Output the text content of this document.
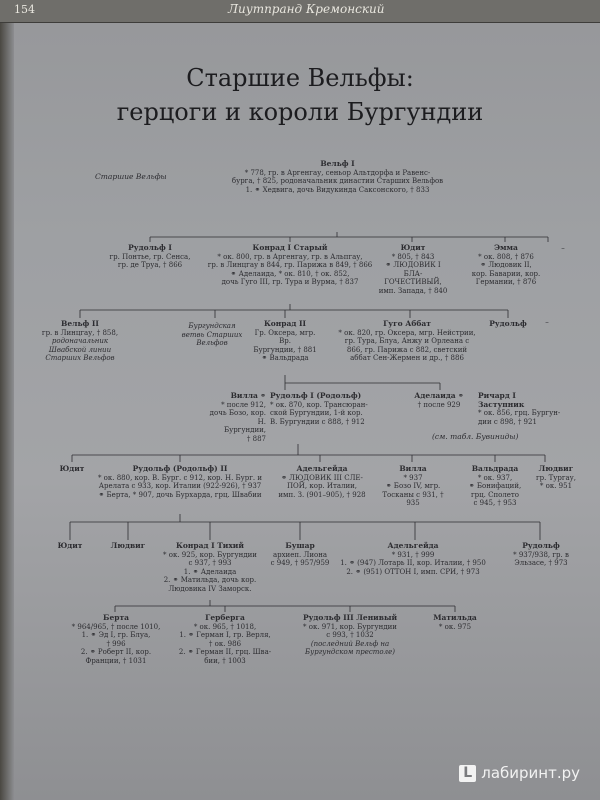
154	Лиутпранд Кремонский
Старшие Вельфы:
герцоги и короли Бургундии
Старшие Вельфы
Вельф I
* 778, гр. в Аргенгау, сеньор Альтдорфа и Равенс-
бурга, † 825, родоначальник династии Старших Вельфов
1. ⚭ Хедвига, дочь Видукинда Саксонского, † 833
Рудольф I
гр. Понтье, гр. Сенса,
гр. де Труа, † 866
Конрад I Старый
* ок. 800, гр. в Аргенгау, гр. в Альпгау,
гр. в Линцгау в 844, гр. Парижа в 849, † 866
⚭ Аделаида, * ок. 810, † ок. 852,
дочь Гуго III, гр. Тура и Вурма, † 837
Юдит
* 805, † 843
⚭ ЛЮДОВИК I БЛА-
ГОЧЕСТИВЫЙ,
имп. Запада, † 840
Эмма
* ок. 808, † 876
⚭ Людовик II,
кор. Баварии, кор.
Германии, † 876
–
Вельф II
гр. в Линцгау, † 858,
родоначальник
Швабской линии
Старших Вельфов
Бургундская
ветвь Старших
Вельфов
Конрад II
Гр. Оксера, мгр. Вр.
Бургундии, † 881
⚭ Вальдрада
Гуго Аббат
* ок. 820, гр. Оксера, мгр. Нейстрии,
гр. Тура, Блуа, Анжу и Орлеана с
866, гр. Парижа с 882, светский
аббат Сен-Жермен и др., † 886
Рудольф	–
Вилла ⚭
* после 912,
дочь Бозо, кор. Н.
Бургундии,
† 887
Рудольф I (Родольф)
* ок. 870, кор. Трансюран-
ской Бургундии, 1-й кор.
В. Бургундии с 888, † 912
Аделаида ⚭
† после 929
Ричард I Заступник
* ок. 856, грц. Бургун-
дии с 898, † 921
(см. табл. Бувиниды)
Юдит	Рудольф (Родольф) II
* ок. 880, кор. В. Бург. с 912, кор. Н. Бург. и
Арелата с 933, кор. Италии (922-926), † 937
⚭ Берта, * 907, дочь Бурхарда, грц. Швабии
Адельгейда
⚭ ЛЮДОВИК III СЛЕ-
ПОЙ, кор. Италии,
имп. З. (901–905), † 928
Вилла
* 937
⚭ Бозо IV, мгр.
Тосканы с 931, † 935
Вальдрада
* ок. 937,
⚭ Бонифаций,
грц. Сполето
с 945, † 953
Людвиг
гр. Тургау,
* ок. 951
Юдит	Людвиг	Конрад I Тихий
* ок. 925, кор. Бургундии
с 937, † 993
1. ⚭ Аделаида
2. ⚭ Матильда, дочь кор.
Людовика IV Заморск.
Бушар
архиеп. Лиона
с 949, † 957/959
Адельгейда
* 931, † 999
1. ⚭ (947) Лотарь II, кор. Италии, † 950
2. ⚭ (951) ОТТОН I, имп. СРИ, † 973
Рудольф
* 937/938, гр. в
Эльзасе, † 973
Берта
* 964/965, † после 1010,
1. ⚭ Эд I, гр. Блуа,
† 996
2. ⚭ Роберт II, кор.
Франции, † 1031
Герберга
* ок. 965, † 1018,
1. ⚭ Герман I, гр. Верля,
† ок. 986
2. ⚭ Герман II, грц. Шва-
бии, † 1003
Рудольф III Ленивый
* ок. 971, кор. Бургундии
с 993, † 1032
(последний Вельф на
Бургундском престоле)
Матильда
* ок. 975
L лабиринт.ру
